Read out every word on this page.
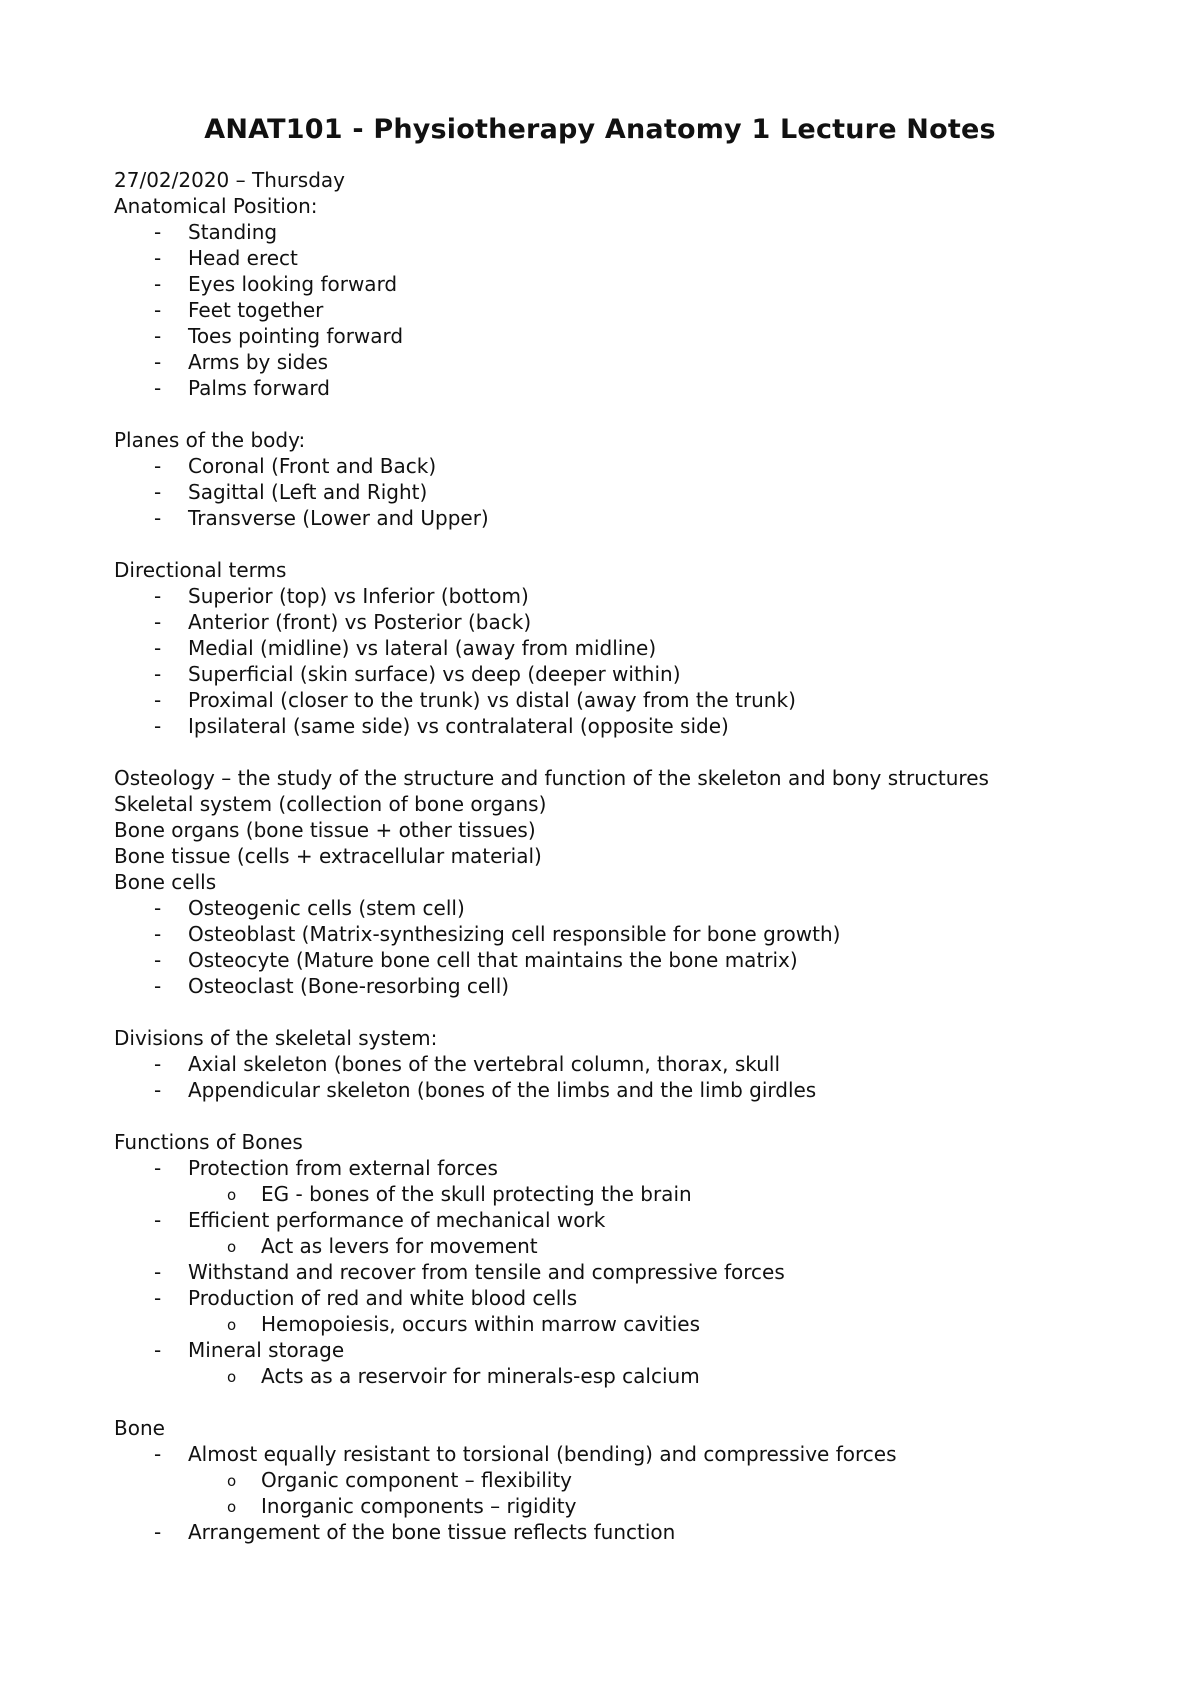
ANAT101 - Physiotherapy Anatomy 1 Lecture Notes
27/02/2020 – Thursday
Anatomical Position:
- Standing
- Head erect
- Eyes looking forward
- Feet together
- Toes pointing forward
- Arms by sides
- Palms forward
Planes of the body:
- Coronal (Front and Back)
- Sagittal (Left and Right)
- Transverse (Lower and Upper)
Directional terms
- Superior (top) vs Inferior (bottom)
- Anterior (front) vs Posterior (back)
- Medial (midline) vs lateral (away from midline)
- Superficial (skin surface) vs deep (deeper within)
- Proximal (closer to the trunk) vs distal (away from the trunk)
- Ipsilateral (same side) vs contralateral (opposite side)
Osteology – the study of the structure and function of the skeleton and bony structures
Skeletal system (collection of bone organs)
Bone organs (bone tissue + other tissues)
Bone tissue (cells + extracellular material)
Bone cells
- Osteogenic cells (stem cell)
- Osteoblast (Matrix-synthesizing cell responsible for bone growth)
- Osteocyte (Mature bone cell that maintains the bone matrix)
- Osteoclast (Bone-resorbing cell)
Divisions of the skeletal system:
- Axial skeleton (bones of the vertebral column, thorax, skull
- Appendicular skeleton (bones of the limbs and the limb girdles
Functions of Bones
- Protection from external forces
o EG - bones of the skull protecting the brain
- Efficient performance of mechanical work
o Act as levers for movement
- Withstand and recover from tensile and compressive forces
- Production of red and white blood cells
o Hemopoiesis, occurs within marrow cavities
- Mineral storage
o Acts as a reservoir for minerals-esp calcium
Bone
- Almost equally resistant to torsional (bending) and compressive forces
o Organic component – flexibility
o Inorganic components – rigidity
- Arrangement of the bone tissue reflects function
